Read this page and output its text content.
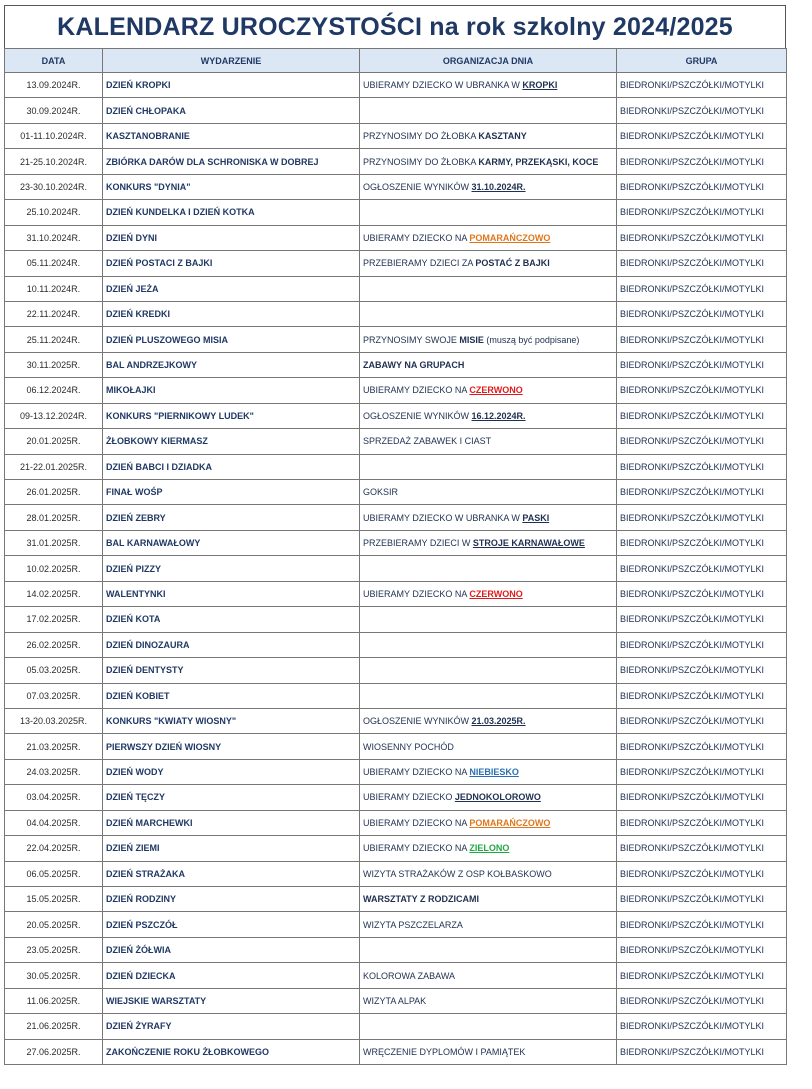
KALENDARZ UROCZYSTOŚCI na rok szkolny 2024/2025
DATA	WYDARZENIE	ORGANIZACJA DNIA	GRUPA
13.09.2024R.	DZIEŃ KROPKI	UBIERAMY DZIECKO W UBRANKA W KROPKI	BIEDRONKI/PSZCZÓŁKI/MOTYLKI
30.09.2024R.	DZIEŃ CHŁOPAKA		BIEDRONKI/PSZCZÓŁKI/MOTYLKI
01-11.10.2024R.	KASZTANOBRANIE	PRZYNOSIMY DO ŻŁOBKA KASZTANY	BIEDRONKI/PSZCZÓŁKI/MOTYLKI
21-25.10.2024R.	ZBIÓRKA DARÓW DLA SCHRONISKA W DOBREJ	PRZYNOSIMY DO ŻŁOBKA KARMY, PRZEKĄSKI, KOCE	BIEDRONKI/PSZCZÓŁKI/MOTYLKI
23-30.10.2024R.	KONKURS "DYNIA"	OGŁOSZENIE WYNIKÓW 31.10.2024R.	BIEDRONKI/PSZCZÓŁKI/MOTYLKI
25.10.2024R.	DZIEŃ KUNDELKA I DZIEŃ KOTKA		BIEDRONKI/PSZCZÓŁKI/MOTYLKI
31.10.2024R.	DZIEŃ DYNI	UBIERAMY DZIECKO NA POMARAŃCZOWO	BIEDRONKI/PSZCZÓŁKI/MOTYLKI
05.11.2024R.	DZIEŃ POSTACI Z BAJKI	PRZEBIERAMY DZIECI ZA POSTAĆ Z BAJKI	BIEDRONKI/PSZCZÓŁKI/MOTYLKI
10.11.2024R.	DZIEŃ JEŻA		BIEDRONKI/PSZCZÓŁKI/MOTYLKI
22.11.2024R.	DZIEŃ KREDKI		BIEDRONKI/PSZCZÓŁKI/MOTYLKI
25.11.2024R.	DZIEŃ PLUSZOWEGO MISIA	PRZYNOSIMY SWOJE MISIE (muszą być podpisane)	BIEDRONKI/PSZCZÓŁKI/MOTYLKI
30.11.2025R.	BAL ANDRZEJKOWY	ZABAWY NA GRUPACH	BIEDRONKI/PSZCZÓŁKI/MOTYLKI
06.12.2024R.	MIKOŁAJKI	UBIERAMY DZIECKO NA CZERWONO	BIEDRONKI/PSZCZÓŁKI/MOTYLKI
09-13.12.2024R.	KONKURS "PIERNIKOWY LUDEK"	OGŁOSZENIE WYNIKÓW 16.12.2024R.	BIEDRONKI/PSZCZÓŁKI/MOTYLKI
20.01.2025R.	ŻŁOBKOWY KIERMASZ	SPRZEDAŻ ZABAWEK I CIAST	BIEDRONKI/PSZCZÓŁKI/MOTYLKI
21-22.01.2025R.	DZIEŃ BABCI I DZIADKA		BIEDRONKI/PSZCZÓŁKI/MOTYLKI
26.01.2025R.	FINAŁ WOŚP	GOKSIR	BIEDRONKI/PSZCZÓŁKI/MOTYLKI
28.01.2025R.	DZIEŃ ZEBRY	UBIERAMY DZIECKO W UBRANKA W PASKI	BIEDRONKI/PSZCZÓŁKI/MOTYLKI
31.01.2025R.	BAL KARNAWAŁOWY	PRZEBIERAMY DZIECI W STROJE KARNAWAŁOWE	BIEDRONKI/PSZCZÓŁKI/MOTYLKI
10.02.2025R.	DZIEŃ PIZZY		BIEDRONKI/PSZCZÓŁKI/MOTYLKI
14.02.2025R.	WALENTYNKI	UBIERAMY DZIECKO NA CZERWONO	BIEDRONKI/PSZCZÓŁKI/MOTYLKI
17.02.2025R.	DZIEŃ KOTA		BIEDRONKI/PSZCZÓŁKI/MOTYLKI
26.02.2025R.	DZIEŃ DINOZAURA		BIEDRONKI/PSZCZÓŁKI/MOTYLKI
05.03.2025R.	DZIEŃ DENTYSTY		BIEDRONKI/PSZCZÓŁKI/MOTYLKI
07.03.2025R.	DZIEŃ KOBIET		BIEDRONKI/PSZCZÓŁKI/MOTYLKI
13-20.03.2025R.	KONKURS "KWIATY WIOSNY"	OGŁOSZENIE WYNIKÓW 21.03.2025R.	BIEDRONKI/PSZCZÓŁKI/MOTYLKI
21.03.2025R.	PIERWSZY DZIEŃ WIOSNY	WIOSENNY POCHÓD	BIEDRONKI/PSZCZÓŁKI/MOTYLKI
24.03.2025R.	DZIEŃ WODY	UBIERAMY DZIECKO NA NIEBIESKO	BIEDRONKI/PSZCZÓŁKI/MOTYLKI
03.04.2025R.	DZIEŃ TĘCZY	UBIERAMY DZIECKO JEDNOKOLOROWO	BIEDRONKI/PSZCZÓŁKI/MOTYLKI
04.04.2025R.	DZIEŃ MARCHEWKI	UBIERAMY DZIECKO NA POMARAŃCZOWO	BIEDRONKI/PSZCZÓŁKI/MOTYLKI
22.04.2025R.	DZIEŃ ZIEMI	UBIERAMY DZIECKO NA ZIELONO	BIEDRONKI/PSZCZÓŁKI/MOTYLKI
06.05.2025R.	DZIEŃ STRAŻAKA	WIZYTA STRAŻAKÓW Z OSP KOŁBASKOWO	BIEDRONKI/PSZCZÓŁKI/MOTYLKI
15.05.2025R.	DZIEŃ RODZINY	WARSZTATY Z RODZICAMI	BIEDRONKI/PSZCZÓŁKI/MOTYLKI
20.05.2025R.	DZIEŃ PSZCZÓŁ	WIZYTA PSZCZELARZA	BIEDRONKI/PSZCZÓŁKI/MOTYLKI
23.05.2025R.	DZIEŃ ŻÓŁWIA		BIEDRONKI/PSZCZÓŁKI/MOTYLKI
30.05.2025R.	DZIEŃ DZIECKA	KOLOROWA ZABAWA	BIEDRONKI/PSZCZÓŁKI/MOTYLKI
11.06.2025R.	WIEJSKIE WARSZTATY	WIZYTA ALPAK	BIEDRONKI/PSZCZÓŁKI/MOTYLKI
21.06.2025R.	DZIEŃ ŻYRAFY		BIEDRONKI/PSZCZÓŁKI/MOTYLKI
27.06.2025R.	ZAKOŃCZENIE ROKU ŻŁOBKOWEGO	WRĘCZENIE DYPLOMÓW I PAMIĄTEK	BIEDRONKI/PSZCZÓŁKI/MOTYLKI
